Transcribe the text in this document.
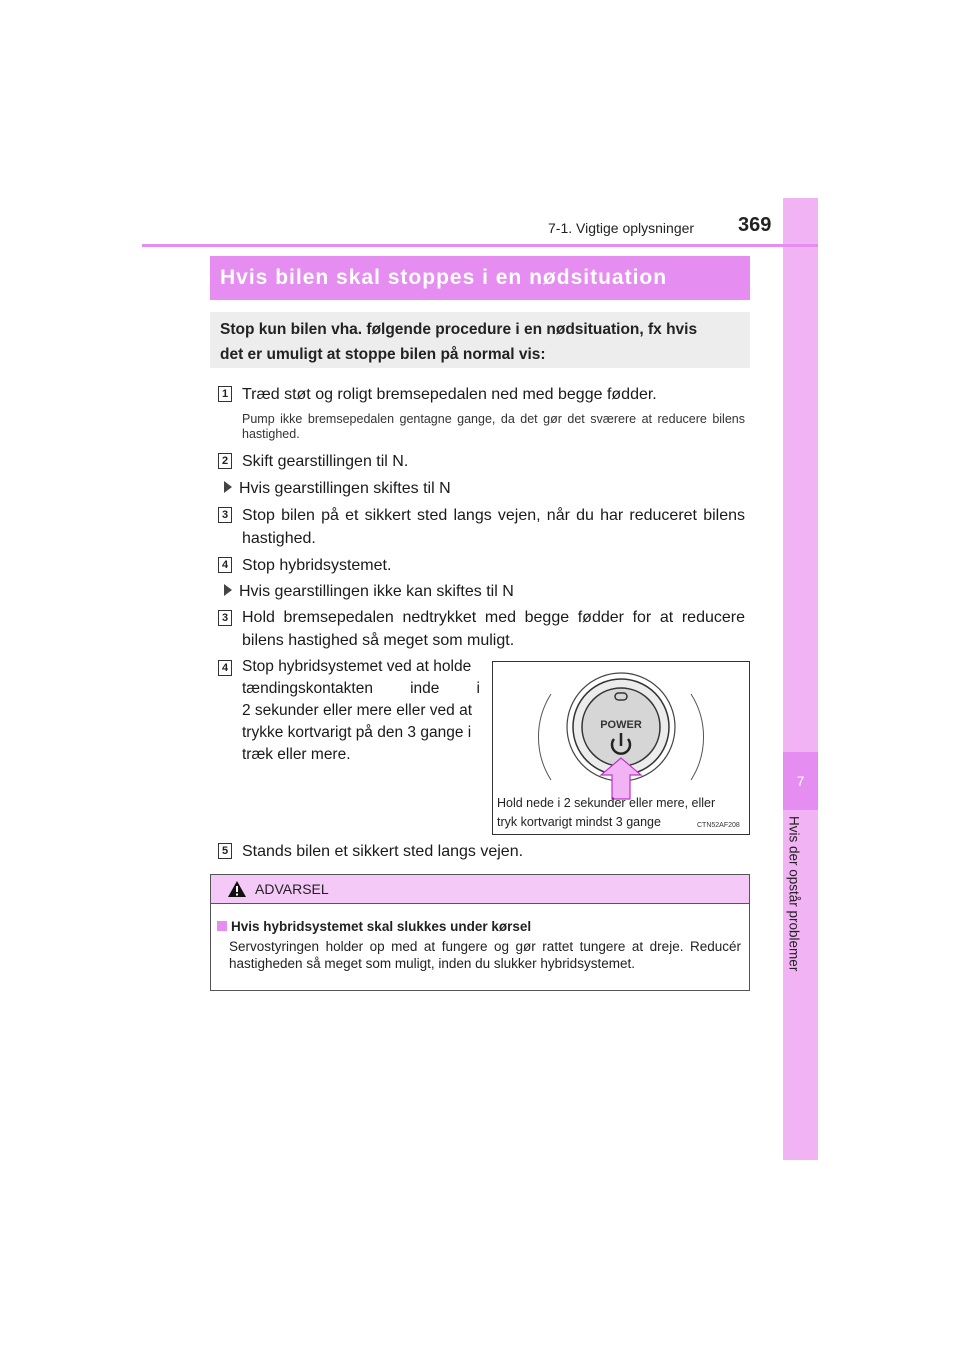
7
Hvis der opstår problemer
7-1. Vigtige oplysninger 369
Hvis bilen skal stoppes i en nødsituation
Stop kun bilen vha. følgende procedure i en nødsituation, fx hvis
det er umuligt at stoppe bilen på normal vis:
1 Træd støt og roligt bremsepedalen ned med begge fødder.
Pump ikke bremsepedalen gentagne gange, da det gør det sværere at reducere bilens hastighed.
2 Skift gearstillingen til N.
Hvis gearstillingen skiftes til N
3 Stop bilen på et sikkert sted langs vejen, når du har reduceret bilens hastighed.
4 Stop hybridsystemet.
Hvis gearstillingen ikke kan skiftes til N
3 Hold bremsepedalen nedtrykket med begge fødder for at reducere bilens hastighed så meget som muligt.
4 Stop hybridsystemet ved at holde
tændingskontakten inde i
2 sekunder eller mere eller ved at
trykke kortvarigt på den 3 gange i
træk eller mere.
POWER
Hold nede i 2 sekunder eller mere, eller
tryk kortvarigt mindst 3 gange	CTN52AF208
5 Stands bilen et sikkert sted langs vejen.
ADVARSEL
Hvis hybridsystemet skal slukkes under kørsel
Servostyringen holder op med at fungere og gør rattet tungere at dreje. Reducér hastigheden så meget som muligt, inden du slukker hybridsystemet.
